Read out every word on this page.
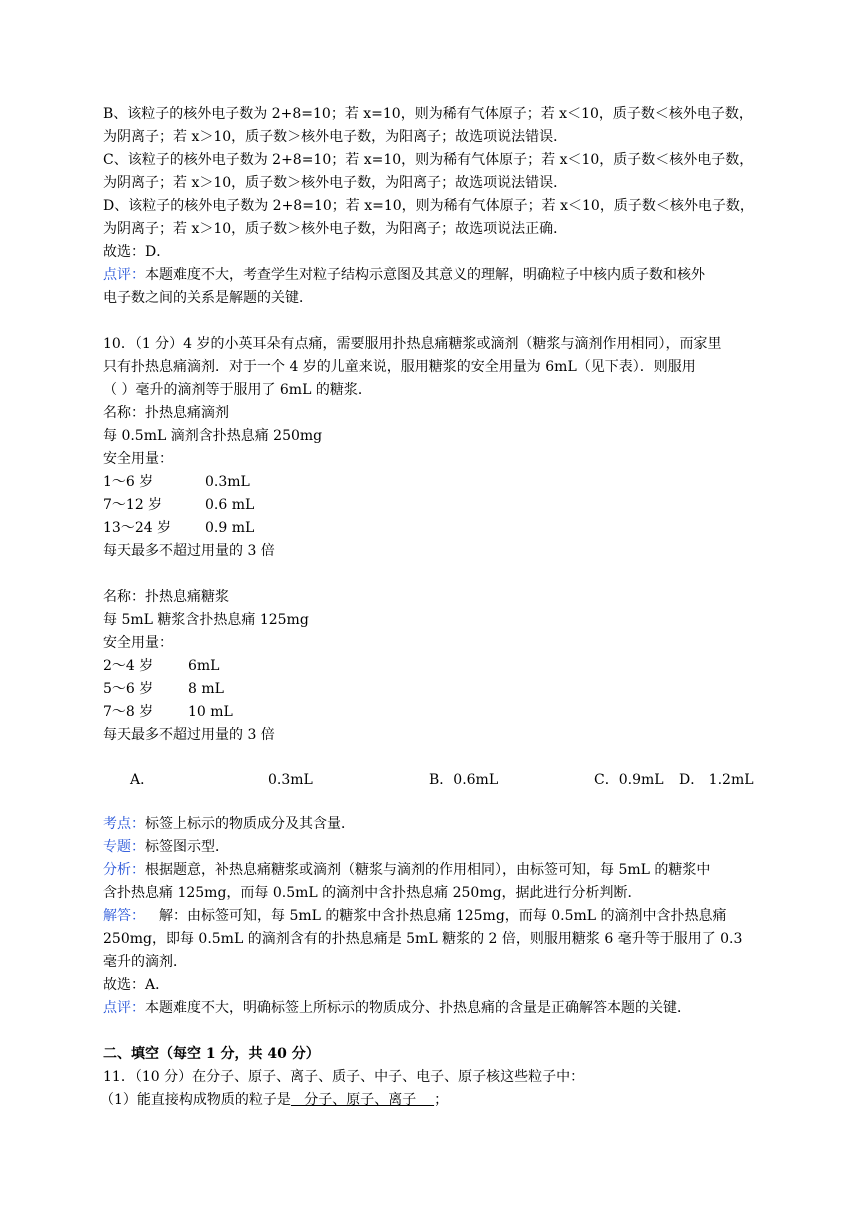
B、该粒子的核外电子数为 2+8=10；若 x=10，则为稀有气体原子；若 x＜10，质子数＜核外电子数，
为阴离子；若 x＞10，质子数＞核外电子数，为阳离子；故选项说法错误．
C、该粒子的核外电子数为 2+8=10；若 x=10，则为稀有气体原子；若 x＜10，质子数＜核外电子数，
为阴离子；若 x＞10，质子数＞核外电子数，为阳离子；故选项说法错误．
D、该粒子的核外电子数为 2+8=10；若 x=10，则为稀有气体原子；若 x＜10，质子数＜核外电子数，
为阴离子；若 x＞10，质子数＞核外电子数，为阳离子；故选项说法正确．
故选：D．
点评：本题难度不大，考查学生对粒子结构示意图及其意义的理解，明确粒子中核内质子数和核外
电子数之间的关系是解题的关键．
10．（1 分）4 岁的小英耳朵有点痛，需要服用扑热息痛糖浆或滴剂（糖浆与滴剂作用相同），而家里
只有扑热息痛滴剂．对于一个 4 岁的儿童来说，服用糖浆的安全用量为 6mL（见下表）．则服用
（ ）毫升的滴剂等于服用了 6mL 的糖浆．
名称：扑热息痛滴剂
每 0.5mL 滴剂含扑热息痛 250mg
安全用量：
1～6 岁	0.3mL
7～12 岁	0.6 mL
13～24 岁 0.9 mL
每天最多不超过用量的 3 倍
名称：扑热息痛糖浆
每 5mL 糖浆含扑热息痛 125mg
安全用量：
2～4 岁 6mL
5～6 岁 8 mL
7～8 岁 10 mL
每天最多不超过用量的 3 倍
A．	0.3mL	B．0.6mL	C．0.9mL D． 1.2mL
考点：标签上标示的物质成分及其含量．
专题：标签图示型．
分析：根据题意，补热息痛糖浆或滴剂（糖浆与滴剂的作用相同），由标签可知，每 5mL 的糖浆中
含扑热息痛 125mg，而每 0.5mL 的滴剂中含扑热息痛 250mg，据此进行分析判断．
解答： 解：由标签可知，每 5mL 的糖浆中含扑热息痛 125mg，而每 0.5mL 的滴剂中含扑热息痛
250mg，即每 0.5mL 的滴剂含有的扑热息痛是 5mL 糖浆的 2 倍，则服用糖浆 6 毫升等于服用了 0.3
毫升的滴剂．
故选：A．
点评：本题难度不大，明确标签上所标示的物质成分、扑热息痛的含量是正确解答本题的关键．
二、填空（每空 1 分，共 40 分）
11．（10 分）在分子、原子、离子、质子、中子、电子、原子核这些粒子中：
（1）能直接构成物质的粒子是   分子、原子、离子    ；
